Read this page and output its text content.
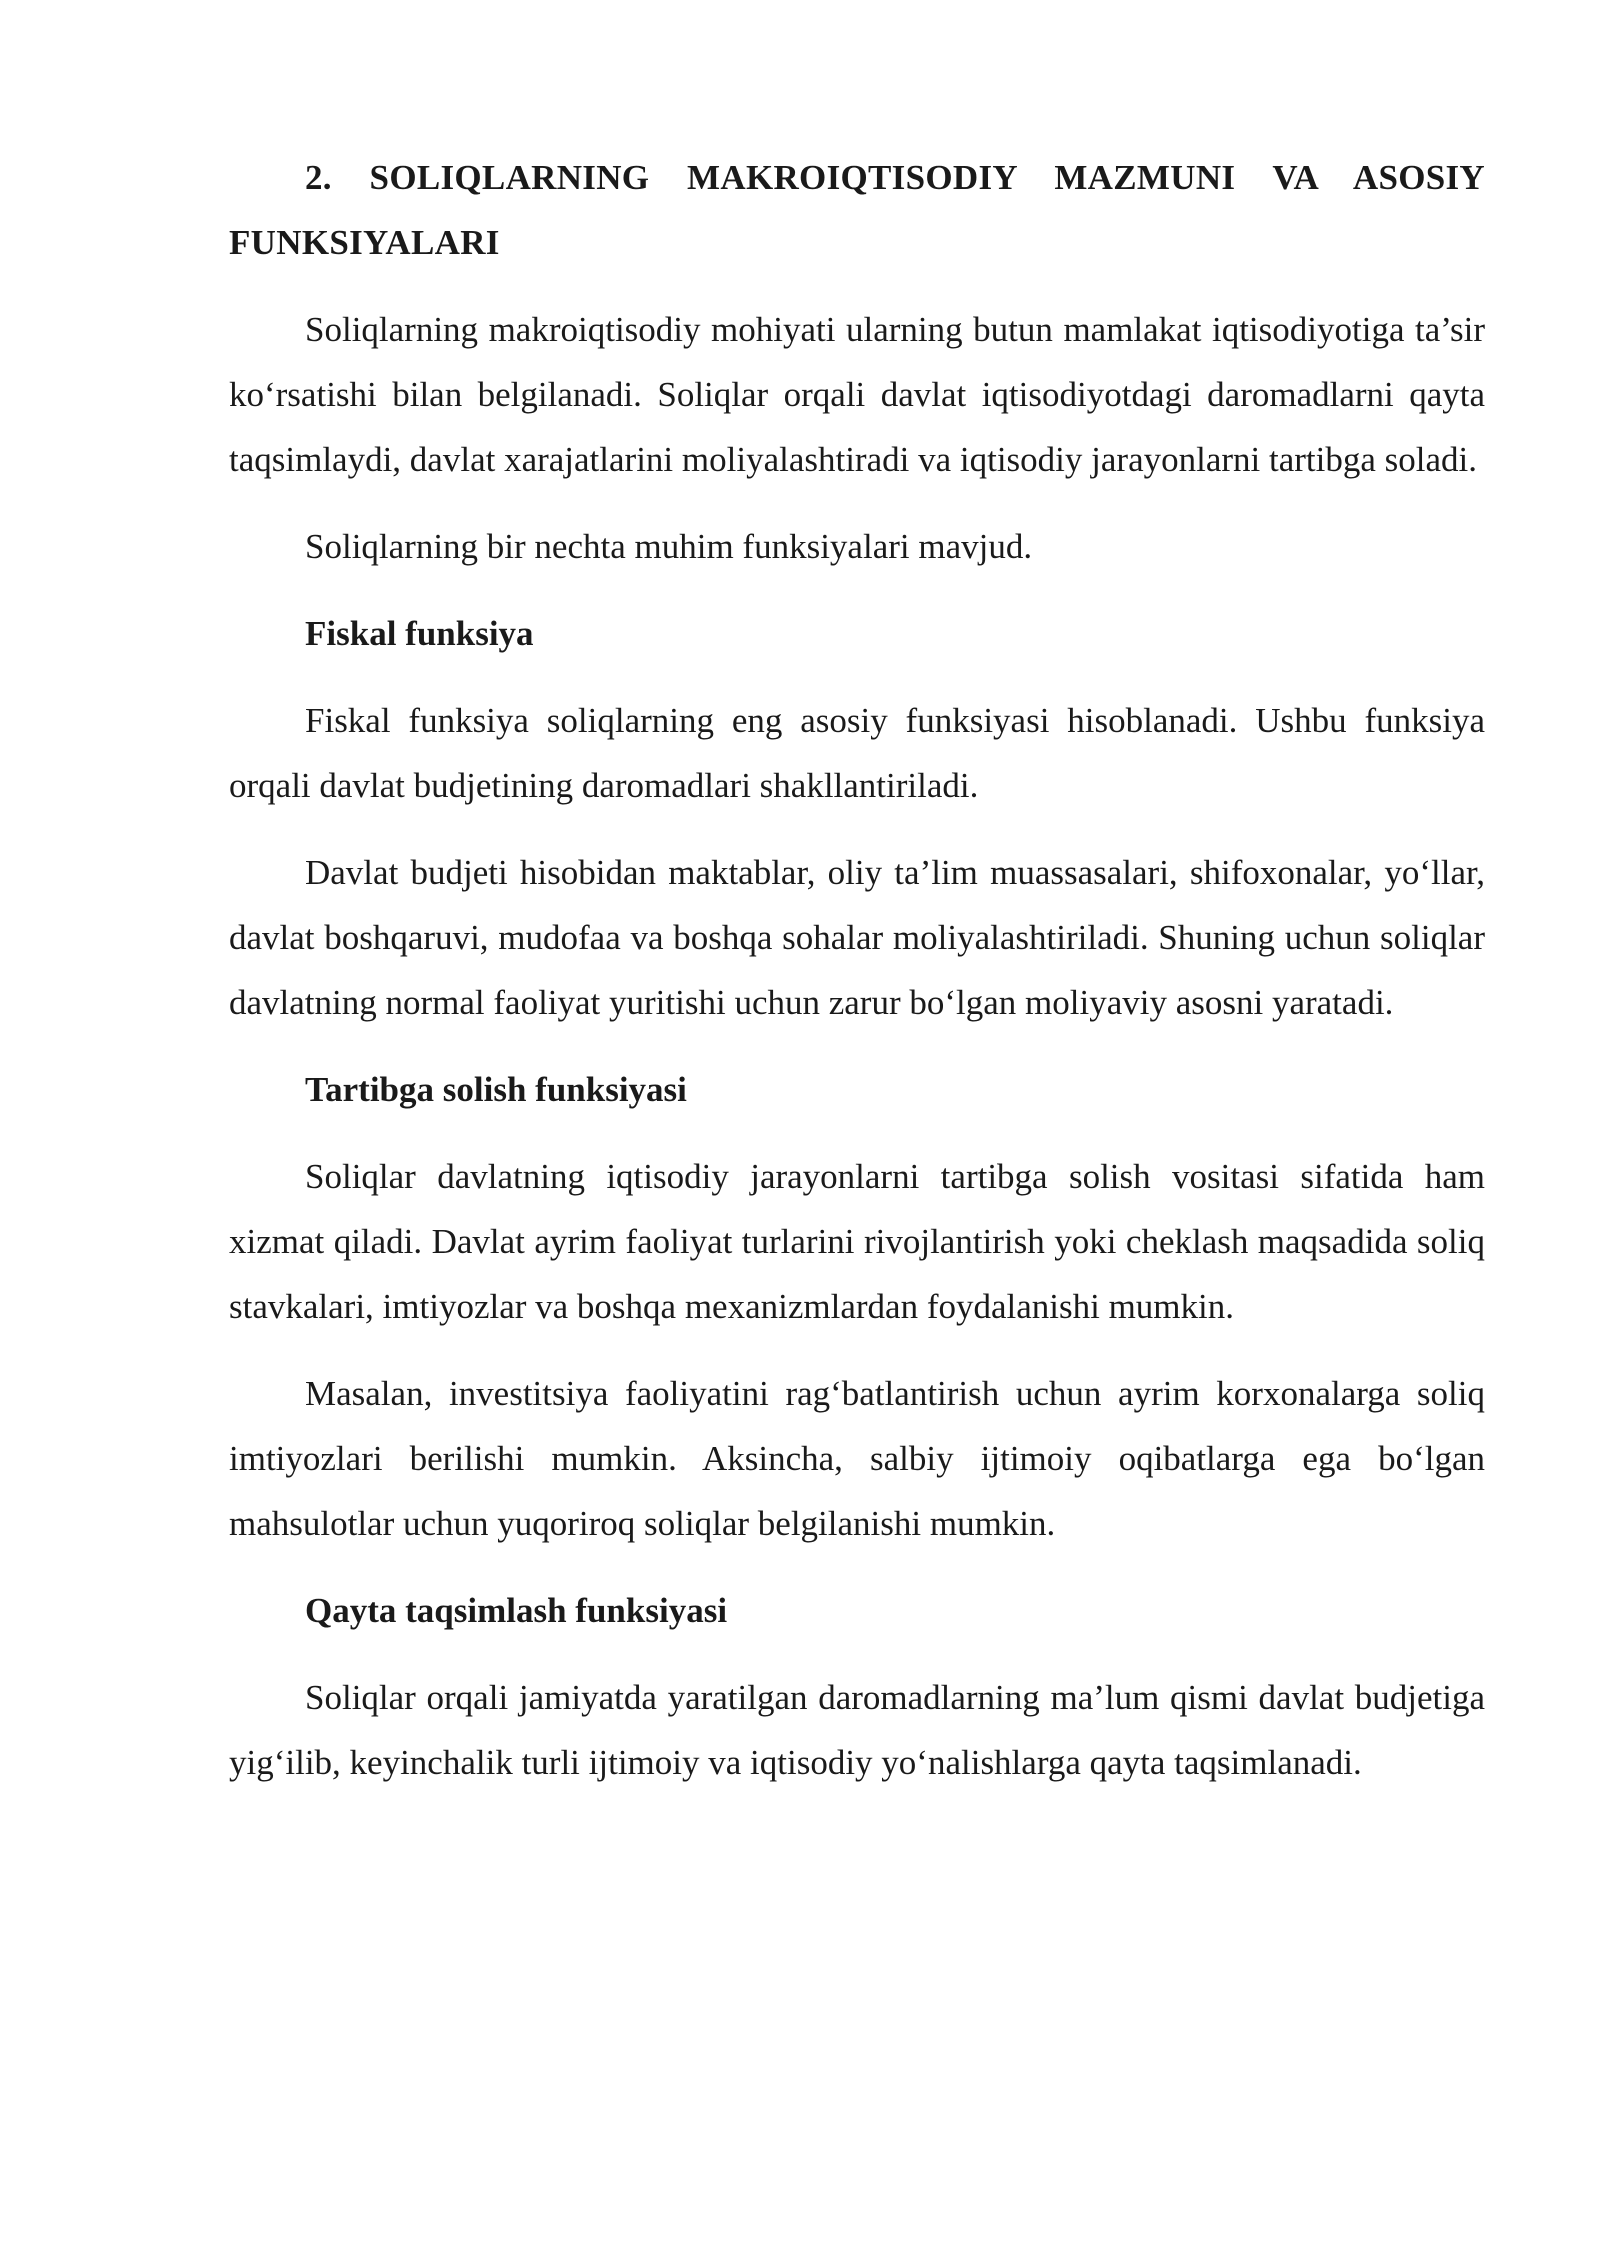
2. SOLIQLARNING MAKROIQTISODIY MAZMUNI VA ASOSIY FUNKSIYALARI

Soliqlarning makroiqtisodiy mohiyati ularning butun mamlakat iqtisodiyotiga ta’sir ko‘rsatishi bilan belgilanadi. Soliqlar orqali davlat iqtisodiyotdagi daromadlarni qayta taqsimlaydi, davlat xarajatlarini moliyalashtiradi va iqtisodiy jarayonlarni tartibga soladi.

Soliqlarning bir nechta muhim funksiyalari mavjud.

Fiskal funksiya

Fiskal funksiya soliqlarning eng asosiy funksiyasi hisoblanadi. Ushbu funksiya orqali davlat budjetining daromadlari shakllantiriladi.

Davlat budjeti hisobidan maktablar, oliy ta’lim muassasalari, shifoxonalar, yo‘llar, davlat boshqaruvi, mudofaa va boshqa sohalar moliyalashtiriladi. Shuning uchun soliqlar davlatning normal faoliyat yuritishi uchun zarur bo‘lgan moliyaviy asosni yaratadi.

Tartibga solish funksiyasi

Soliqlar davlatning iqtisodiy jarayonlarni tartibga solish vositasi sifatida ham xizmat qiladi. Davlat ayrim faoliyat turlarini rivojlantirish yoki cheklash maqsadida soliq stavkalari, imtiyozlar va boshqa mexanizmlardan foydalanishi mumkin.

Masalan, investitsiya faoliyatini rag‘batlantirish uchun ayrim korxonalarga soliq imtiyozlari berilishi mumkin. Aksincha, salbiy ijtimoiy oqibatlarga ega bo‘lgan mahsulotlar uchun yuqoriroq soliqlar belgilanishi mumkin.

Qayta taqsimlash funksiyasi

Soliqlar orqali jamiyatda yaratilgan daromadlarning ma’lum qismi davlat budjetiga yig‘ilib, keyinchalik turli ijtimoiy va iqtisodiy yo‘nalishlarga qayta taqsimlanadi.
